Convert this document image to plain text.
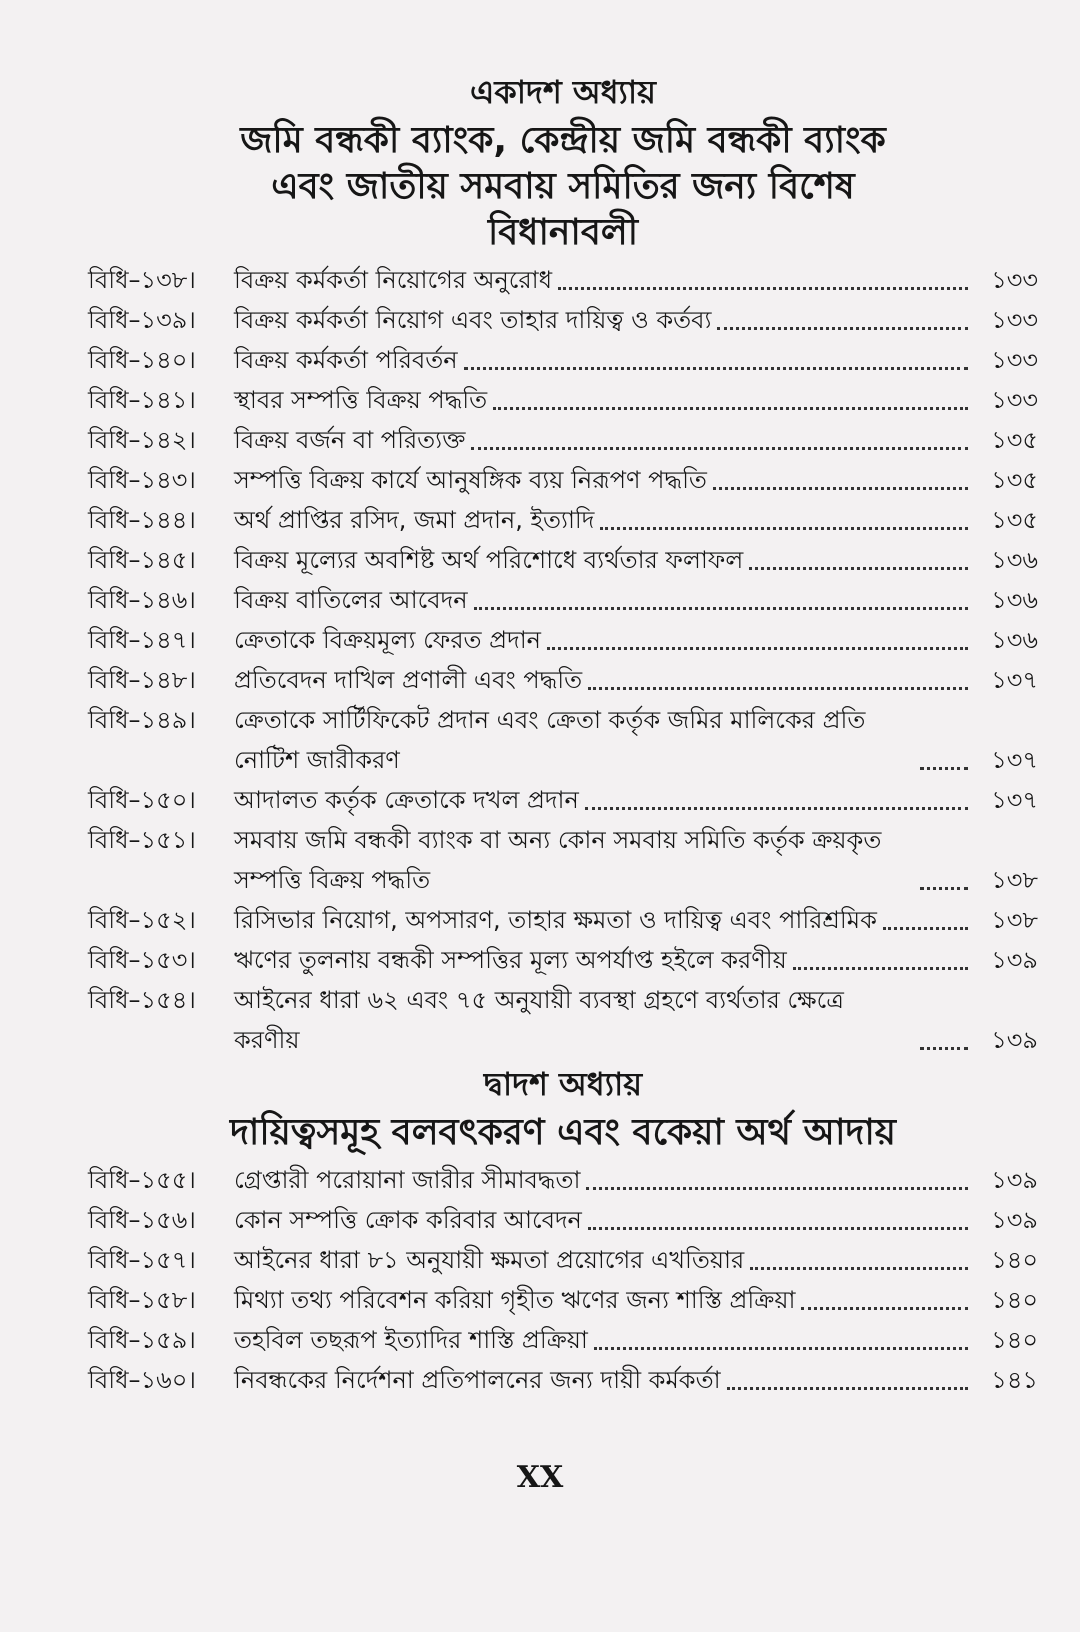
একাদশ অধ্যায়
জমি বন্ধকী ব্যাংক, কেন্দ্রীয় জমি বন্ধকী ব্যাংক
এবং জাতীয় সমবায় সমিতির জন্য বিশেষ
বিধানাবলী
বিধি–১৩৮।	বিক্রয় কর্মকর্তা নিয়োগের অনুরোধ	১৩৩
বিধি–১৩৯।	বিক্রয় কর্মকর্তা নিয়োগ এবং তাহার দায়িত্ব ও কর্তব্য	১৩৩
বিধি–১৪০।	বিক্রয় কর্মকর্তা পরিবর্তন	১৩৩
বিধি–১৪১।	স্থাবর সম্পত্তি বিক্রয় পদ্ধতি	১৩৩
বিধি–১৪২।	বিক্রয় বর্জন বা পরিত্যক্ত	১৩৫
বিধি–১৪৩।	সম্পত্তি বিক্রয় কার্যে আনুষঙ্গিক ব্যয় নিরূপণ পদ্ধতি	১৩৫
বিধি–১৪৪।	অর্থ প্রাপ্তির রসিদ, জমা প্রদান, ইত্যাদি	১৩৫
বিধি–১৪৫।	বিক্রয় মূল্যের অবশিষ্ট অর্থ পরিশোধে ব্যর্থতার ফলাফল	১৩৬
বিধি–১৪৬।	বিক্রয় বাতিলের আবেদন	১৩৬
বিধি–১৪৭।	ক্রেতাকে বিক্রয়মূল্য ফেরত প্রদান	১৩৬
বিধি–১৪৮।	প্রতিবেদন দাখিল প্রণালী এবং পদ্ধতি	১৩৭
বিধি–১৪৯।	ক্রেতাকে সার্টিফিকেট প্রদান এবং ক্রেতা কর্তৃক জমির মালিকের প্রতি নোটিশ জারীকরণ	১৩৭
বিধি–১৫০।	আদালত কর্তৃক ক্রেতাকে দখল প্রদান	১৩৭
বিধি–১৫১।	সমবায় জমি বন্ধকী ব্যাংক বা অন্য কোন সমবায় সমিতি কর্তৃক ক্রয়কৃত সম্পত্তি বিক্রয় পদ্ধতি	১৩৮
বিধি–১৫২।	রিসিভার নিয়োগ, অপসারণ, তাহার ক্ষমতা ও দায়িত্ব এবং পারিশ্রমিক	১৩৮
বিধি–১৫৩।	ঋণের তুলনায় বন্ধকী সম্পত্তির মূল্য অপর্যাপ্ত হইলে করণীয়	১৩৯
বিধি–১৫৪।	আইনের ধারা ৬২ এবং ৭৫ অনুযায়ী ব্যবস্থা গ্রহণে ব্যর্থতার ক্ষেত্রে করণীয়	১৩৯
দ্বাদশ অধ্যায়
দায়িত্বসমূহ বলবৎকরণ এবং বকেয়া অর্থ আদায়
বিধি–১৫৫।	গ্রেপ্তারী পরোয়ানা জারীর সীমাবদ্ধতা	১৩৯
বিধি–১৫৬।	কোন সম্পত্তি ক্রোক করিবার আবেদন	১৩৯
বিধি–১৫৭।	আইনের ধারা ৮১ অনুযায়ী ক্ষমতা প্রয়োগের এখতিয়ার	১৪০
বিধি–১৫৮।	মিথ্যা তথ্য পরিবেশন করিয়া গৃহীত ঋণের জন্য শাস্তি প্রক্রিয়া	১৪০
বিধি–১৫৯।	তহবিল তছরূপ ইত্যাদির শাস্তি প্রক্রিয়া	১৪০
বিধি–১৬০।	নিবন্ধকের নির্দেশনা প্রতিপালনের জন্য দায়ী কর্মকর্তা	১৪১
XX
